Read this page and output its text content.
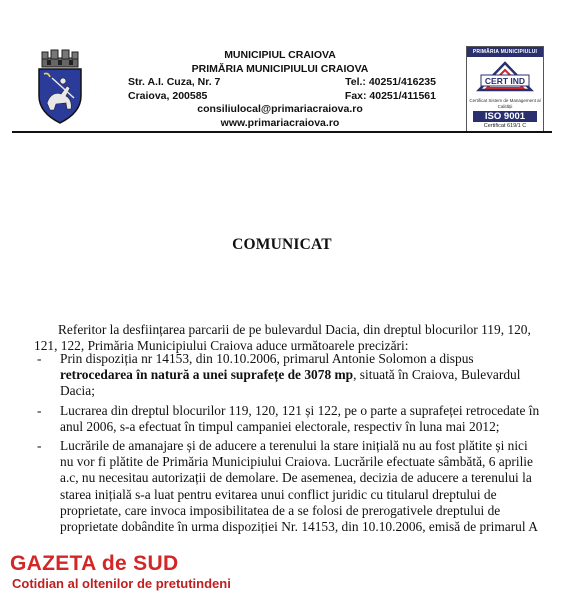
MUNICIPIUL CRAIOVA
PRIMĂRIA MUNICIPIULUI CRAIOVA
Str. A.I. Cuza, Nr. 7	Tel.: 40251/416235
Craiova, 200585	Fax: 40251/411561
consiliulocal@primariacraiova.ro
www.primariacraiova.ro
PRIMĂRIA MUNICIPIULUI CRAIOVA
CERT IND
Certificat Sistem de Management al Calității
ISO 9001
Certificat 619/1 C
COMUNICAT
Referitor la desființarea parcarii de pe bulevardul Dacia, din dreptul blocurilor 119, 120, 121, 122, Primăria Municipiului Craiova aduce următoarele precizări:
- Prin dispoziția nr 14153, din 10.10.2006, primarul Antonie Solomon a dispus retrocedarea în natură a unei suprafețe de 3078 mp, situată în Craiova, Bulevardul Dacia;
- Lucrarea din dreptul blocurilor 119, 120, 121 și 122, pe o parte a suprafeței retrocedate în anul 2006, s-a efectuat în timpul campaniei electorale, respectiv în luna mai 2012;
- Lucrările de amanajare și de aducere a terenului la stare inițială nu au fost plătite și nici nu vor fi plătite de Primăria Municipiului Craiova. Lucrările efectuate sâmbătă, 6 aprilie a.c, nu necesitau autorizații de demolare. De asemenea, decizia de aducere a terenului la starea inițială s-a luat pentru evitarea unui conflict juridic cu titularul dreptului de proprietate, care invoca imposibilitatea de a se folosi de prerogativele dreptului de proprietate dobândite în urma dispoziției Nr. 14153, din 10.10.2006, emisă de primarul A
GAZETA de SUD
Cotidian al oltenilor de pretutindeni
